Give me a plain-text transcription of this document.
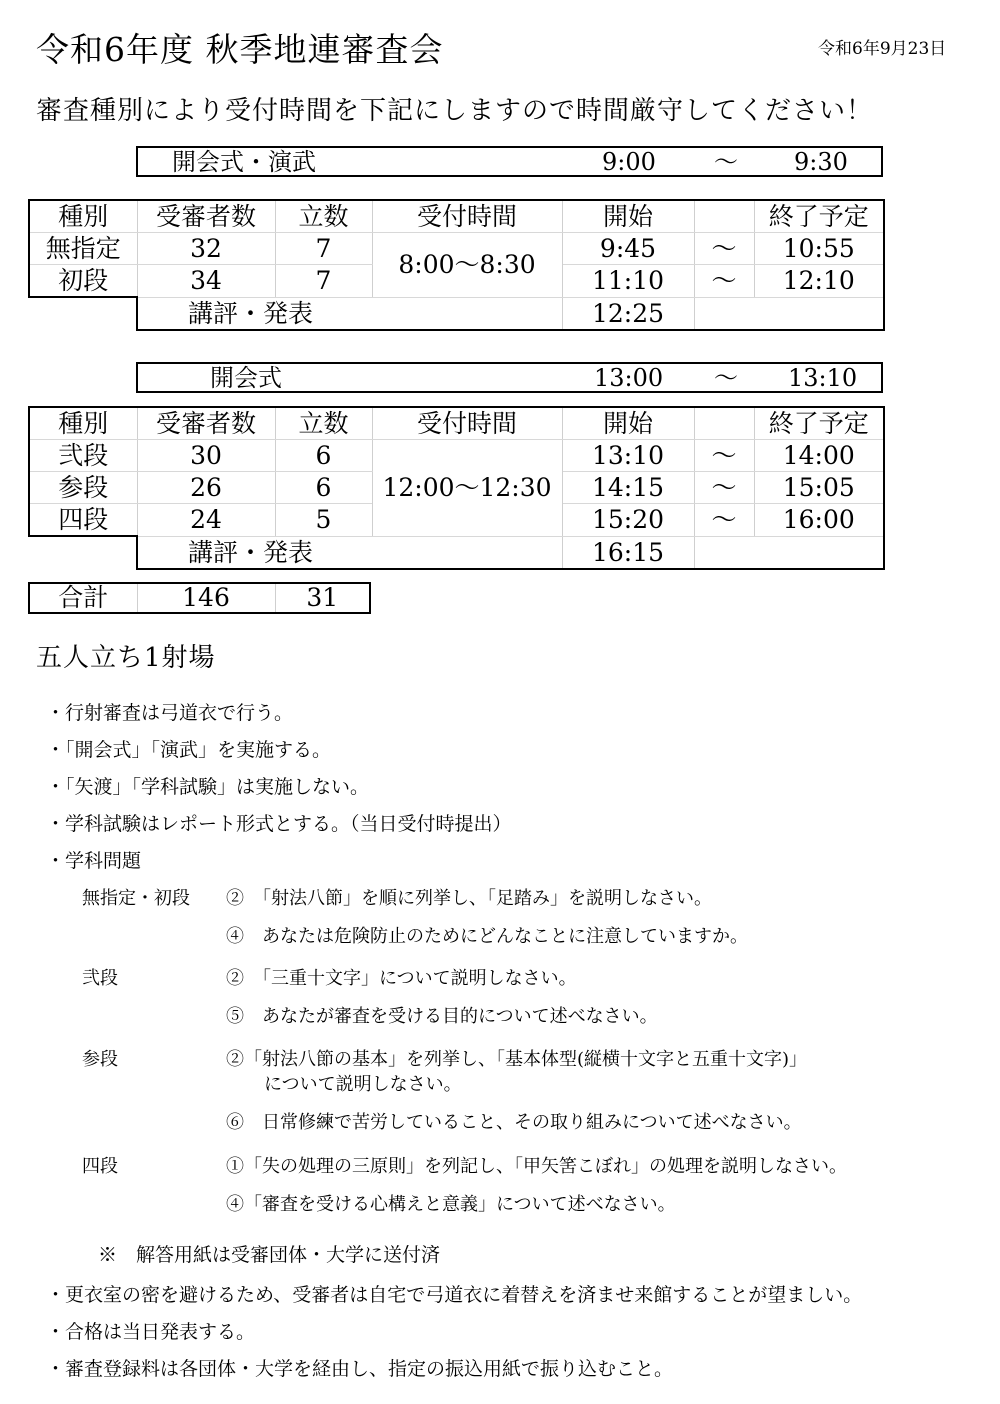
令和6年度 秋季地連審査会	令和6年9月23日
審査種別により受付時間を下記にしますので時間厳守してください！
開会式・演武	9:00 〜 9:30
種別	受審者数	立数	受付時間	開始		終了予定
無指定	32	7	8:00〜8:30	9:45	〜	10:55
初段	34	7		11:10	〜	12:10
	講評・発表			12:25		
開会式	13:00 〜 13:10
種別	受審者数	立数	受付時間	開始		終了予定
弐段	30	6	12:00〜12:30	13:10	〜	14:00
参段	26	6		14:15	〜	15:05
四段	24	5		15:20	〜	16:00
	講評・発表			16:15		
合計	146	31
五人立ち1射場
・行射審査は弓道衣で行う。
・「開会式」「演武」を実施する。
・「矢渡」「学科試験」は実施しない。
・学科試験はレポート形式とする。（当日受付時提出）
・学科問題
無指定・初段 ②　「射法八節」を順に列挙し、「足踏み」を説明しなさい。
④　あなたは危険防止のためにどんなことに注意していますか。
弐段	②　「三重十文字」について説明しなさい。
⑤　あなたが審査を受ける目的について述べなさい。
参段	②「射法八節の基本」を列挙し、「基本体型(縦横十文字と五重十文字)」
について説明しなさい。
⑥　日常修練で苦労していること、その取り組みについて述べなさい。
四段	①「失の処理の三原則」を列記し、「甲矢筈こぼれ」の処理を説明しなさい。
④「審査を受ける心構えと意義」について述べなさい。
※　解答用紙は受審団体・大学に送付済
・更衣室の密を避けるため、受審者は自宅で弓道衣に着替えを済ませ来館することが望ましい。
・合格は当日発表する。
・審査登録料は各団体・大学を経由し、指定の振込用紙で振り込むこと。
